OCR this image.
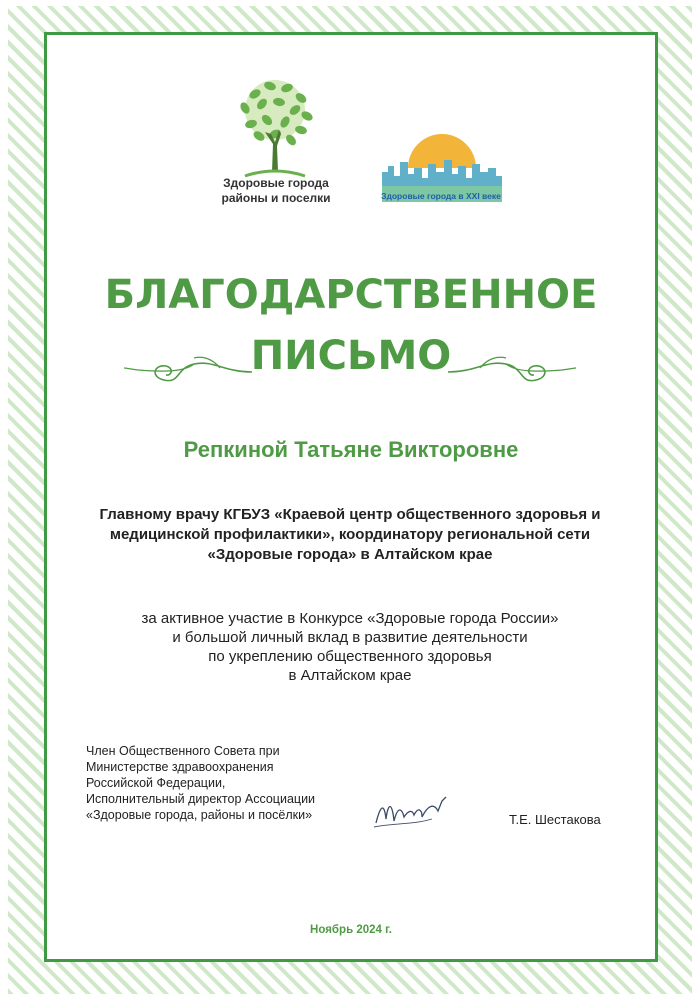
Здоровые города
районы и поселки	Здоровые города в XXI веке
БЛАГОДАРСТВЕННОЕ
ПИСЬМО
Репкиной Татьяне Викторовне
Главному врачу КГБУЗ «Краевой центр общественного здоровья и
медицинской профилактики», координатору региональной сети
«Здоровые города» в Алтайском крае
за активное участие в Конкурсе «Здоровые города России»
и большой личный вклад в развитие деятельности
по укреплению общественного здоровья
в Алтайском крае
Член Общественного Совета при
Министерстве здравоохранения
Российской Федерации,
Исполнительный директор Ассоциации
«Здоровые города, районы и посёлки»	Т.Е. Шестакова
Ноябрь 2024 г.
